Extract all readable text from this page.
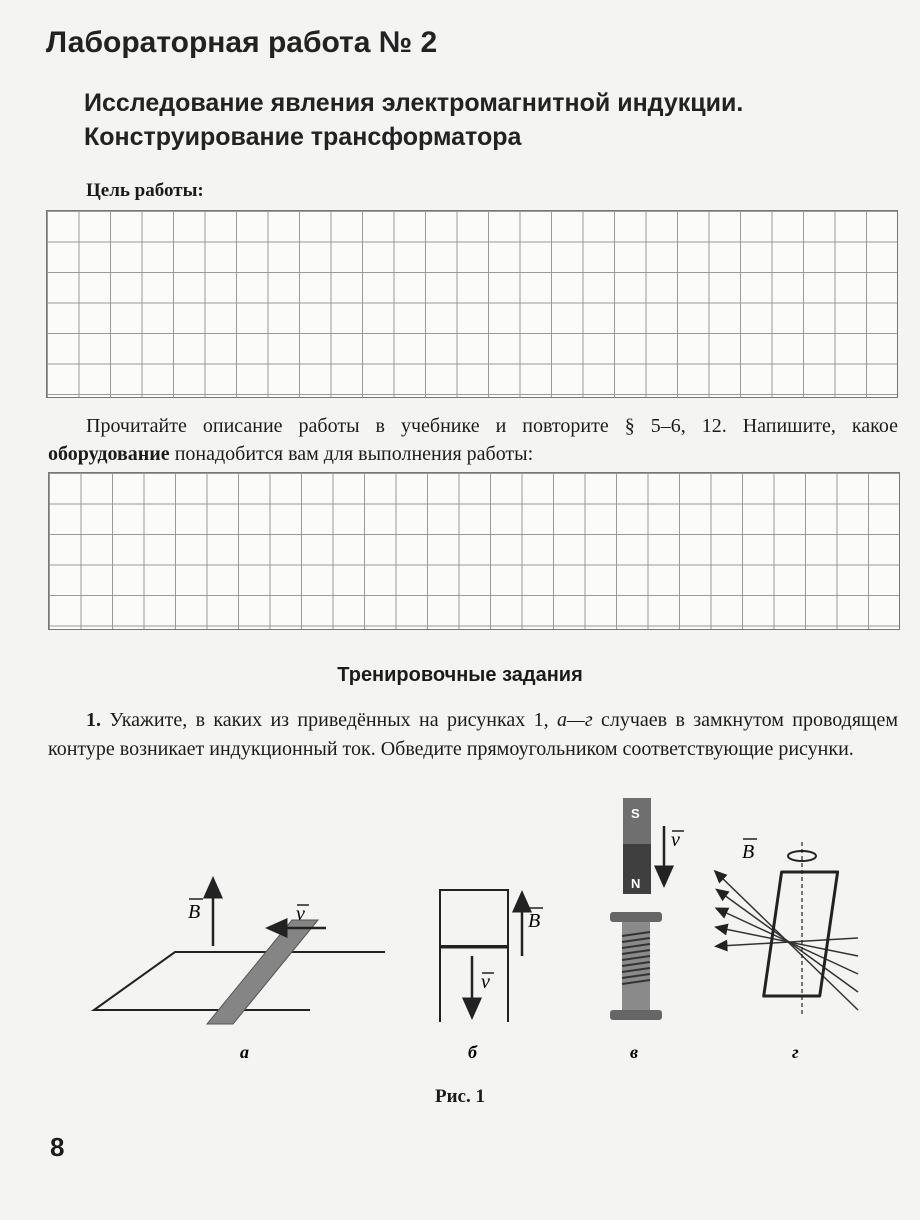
Лабораторная работа № 2
Исследование явления электромагнитной индукции. Конструирование трансформатора
Цель работы:
Прочитайте описание работы в учебнике и повторите § 5–6, 12. Напишите, какое оборудование понадобится вам для выполнения работы:
Тренировочные задания
1. Укажите, в каких из приведённых на рисунках 1, а—г случаев в замкнутом проводящем контуре возникает индукционный ток. Обведите прямоугольником соответствующие рисунки.
B	v
а
v
B
б
S
N
v
в
B
г
Рис. 1
8
